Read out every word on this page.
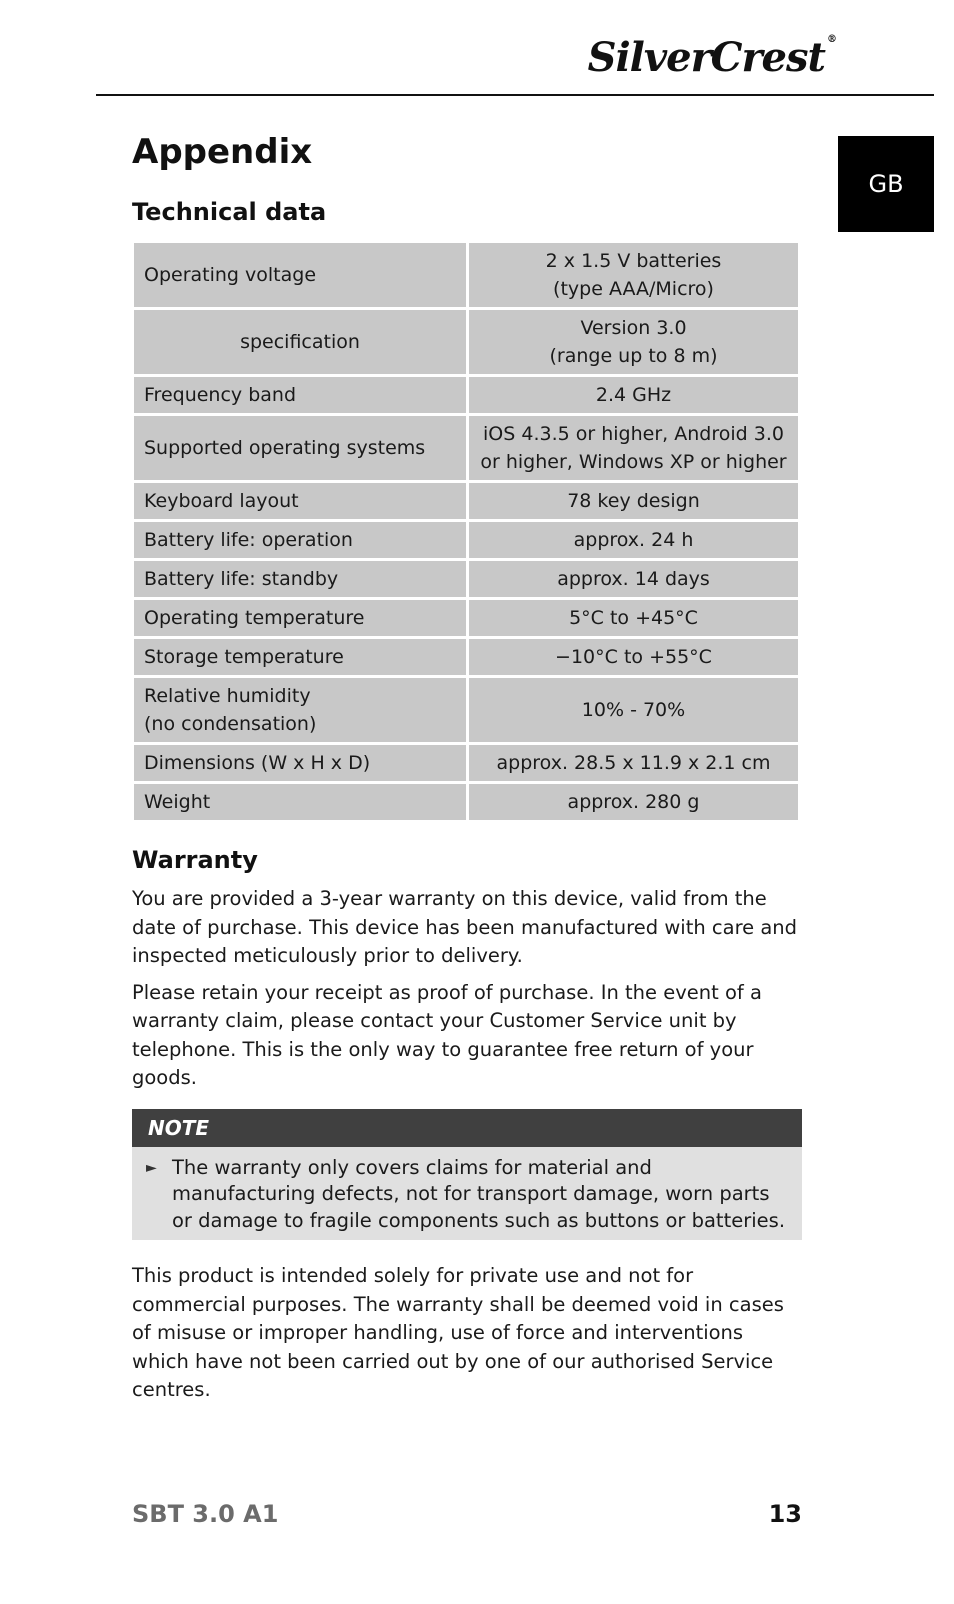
SilverCrest ®
GB
Appendix
Technical data
Operating voltage	2 x 1.5 V batteries
(type AAA/Micro)

specification	Version 3.0
(range up to 8 m)

Frequency band	2.4 GHz

Supported operating systems	iOS 4.3.5 or higher, Android 3.0
or higher, Windows XP or higher

Keyboard layout	78 key design

Battery life: operation	approx. 24 h

Battery life: standby	approx. 14 days

Operating temperature	5°C to +45°C

Storage temperature	−10°C to +55°C

Relative humidity
(no condensation)	10% - 70%

Dimensions (W x H x D)	approx. 28.5 x 11.9 x 2.1 cm

Weight	approx. 280 g
Warranty

You are provided a 3-year warranty on this device, valid from the date of purchase. This device has been manufactured with care and inspected meticulously prior to delivery.

Please retain your receipt as proof of purchase. In the event of a warranty claim, please contact your Customer Service unit by telephone. This is the only way to guarantee free return of your goods.

NOTE
► The warranty only covers claims for material and manufacturing defects, not for transport damage, worn parts or damage to fragile components such as buttons or batteries.

This product is intended solely for private use and not for commercial purposes. The warranty shall be deemed void in cases of misuse or improper handling, use of force and interventions which have not been carried out by one of our authorised Service centres.

SBT 3.0 A1	13
